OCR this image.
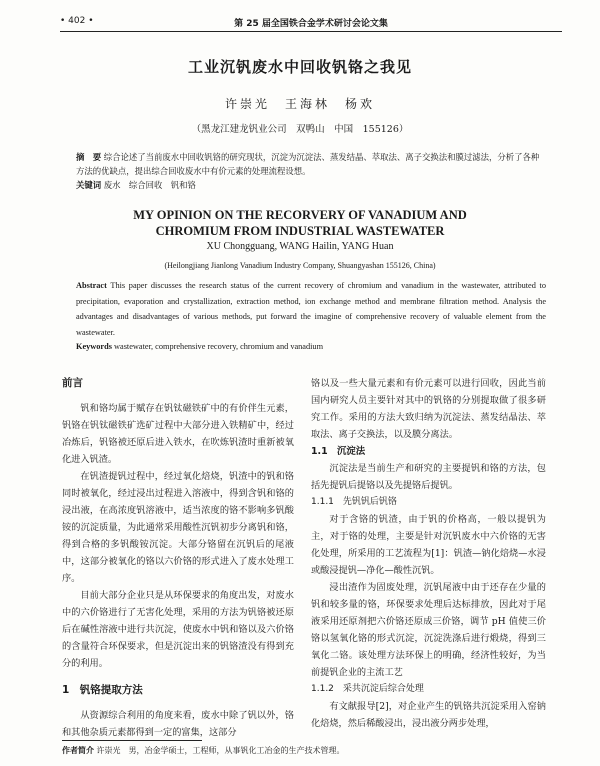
• 402 •	第 25 届全国铁合金学术研讨会论文集
工业沉钒废水中回收钒铬之我见
许崇光　王海林　杨欢
（黑龙江建龙钒业公司　双鸭山　中国　155126）
摘　要 综合论述了当前废水中回收钒铬的研究现状，沉淀为沉淀法、蒸发结晶、萃取法、离子交换法和膜过滤法，分析了各种方法的优缺点，提出综合回收废水中有价元素的处理流程设想。
关键词 废水　综合回收　钒和铬
MY OPINION ON THE RECORVERY OF VANADIUM AND
CHROMIUM FROM INDUSTRIAL WASTEWATER
XU Chongguang, WANG Hailin, YANG Huan
(Heilongjiang Jianlong Vanadium Industry Company, Shuangyashan 155126, China)
Abstract This paper discusses the research status of the current recovery of chromium and vanadium in the wastewater, attributed to precipitation, evaporation and crystallization, extraction method, ion exchange method and membrane filtration method. Analysis the advantages and disadvantages of various methods, put forward the imagine of comprehensive recovery of valuable element from the wastewater.
Keywords wastewater, comprehensive recovery, chromium and vanadium

前言

钒和铬均属于赋存在钒钛磁铁矿中的有价伴生元素，钒铬在钒钛磁铁矿选矿过程中大部分进入铁精矿中，经过冶炼后，钒铬被还原后进入铁水，在吹炼钒渣时重新被氧化进入钒渣。

在钒渣提钒过程中，经过氧化焙烧，钒渣中的钒和铬同时被氧化，经过浸出过程进入溶液中，得到含钒和铬的浸出液，在高浓度钒溶液中，适当浓度的铬不影响多钒酸铵的沉淀质量，为此通常采用酸性沉钒初步分离钒和铬，得到合格的多钒酸铵沉淀。大部分铬留在沉钒后的尾液中，这部分被氧化的铬以六价铬的形式进入了废水处理工序。

目前大部分企业只是从环保要求的角度出发，对废水中的六价铬进行了无害化处理，采用的方法为钒铬被还原后在碱性溶液中进行共沉淀，使废水中钒和铬以及六价铬的含量符合环保要求，但是沉淀出来的钒铬渣没有得到充分的利用。

1　钒铬提取方法

从资源综合利用的角度来看，废水中除了钒以外，铬和其他杂质元素都得到一定的富集，这部分

铬以及一些大量元素和有价元素可以进行回收，因此当前国内研究人员主要针对其中的钒铬的分别提取做了很多研究工作。采用的方法大致归纳为沉淀法、蒸发结晶法、萃取法、离子交换法，以及膜分离法。

1.1　沉淀法

沉淀法是当前生产和研究的主要提钒和铬的方法，包括先提钒后提铬以及先提铬后提钒。

1.1.1　先钒钒后钒铬

对于含铬的钒渣，由于钒的价格高，一般以提钒为主，对于铬的处理，主要是针对沉钒废水中六价铬的无害化处理，所采用的工艺流程为[1]：钒渣—钠化焙烧—水浸或酸浸提钒—净化—酸性沉钒。

浸出渣作为固废处理，沉钒尾液中由于还存在少量的钒和较多量的铬，环保要求处理后达标排放，因此对于尾液采用还原剂把六价铬还原成三价铬，调节 pH 值使三价铬以氢氧化铬的形式沉淀，沉淀洗涤后进行煅烧，得到三氧化二铬。该处理方法环保上的明确，经济性较好，为当前提钒企业的主流工艺

1.1.2　采共沉淀后综合处理

有文献报导[2]，对企业产生的钒铬共沉淀采用入窑钠化焙烧，然后稀酸浸出，浸出液分两步处理，

作者简介 许崇光　男，冶金学硕士，工程师，从事钒化工冶金的生产技术管理。
